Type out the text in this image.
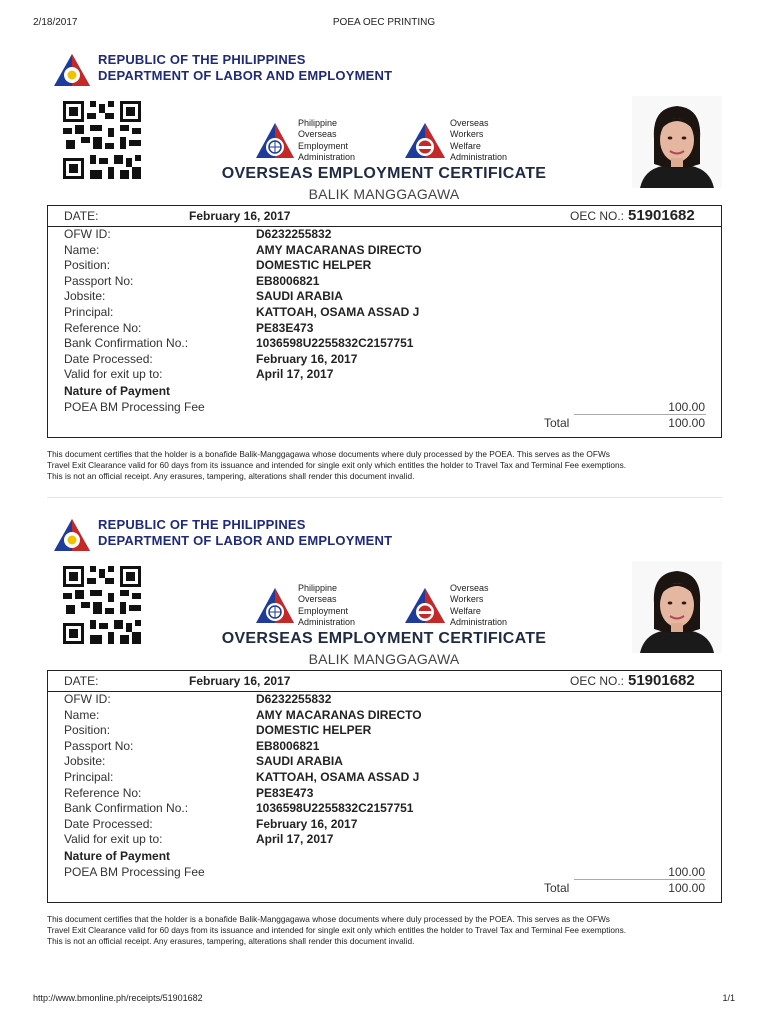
2/18/2017	POEA OEC PRINTING
REPUBLIC OF THE PHILIPPINES
DEPARTMENT OF LABOR AND EMPLOYMENT
Philippine
Overseas
Employment
Administration
Overseas
Workers
Welfare
Administration
OVERSEAS EMPLOYMENT CERTIFICATE
BALIK MANGGAGAWA
DATE:	February 16, 2017	OEC NO.: 51901682
OFW ID:	D6232255832
Name:	AMY MACARANAS DIRECTO
Position:	DOMESTIC HELPER
Passport No:	EB8006821
Jobsite:	SAUDI ARABIA
Principal:	KATTOAH, OSAMA ASSAD J
Reference No:	PE83E473
Bank Confirmation No.:	1036598U2255832C2157751
Date Processed:	February 16, 2017
Valid for exit up to:	April 17, 2017
Nature of Payment
POEA BM Processing Fee	100.00
Total	100.00
This document certifies that the holder is a bonafide Balik-Manggagawa whose documents where duly processed by the POEA. This serves as the OFWs
Travel Exit Clearance valid for 60 days from its issuance and intended for single exit only which entitles the holder to Travel Tax and Terminal Fee exemptions.
This is not an official receipt. Any erasures, tampering, alterations shall render this document invalid.
REPUBLIC OF THE PHILIPPINES
DEPARTMENT OF LABOR AND EMPLOYMENT
Philippine
Overseas
Employment
Administration
Overseas
Workers
Welfare
Administration
OVERSEAS EMPLOYMENT CERTIFICATE
BALIK MANGGAGAWA
DATE:	February 16, 2017	OEC NO.: 51901682
OFW ID:	D6232255832
Name:	AMY MACARANAS DIRECTO
Position:	DOMESTIC HELPER
Passport No:	EB8006821
Jobsite:	SAUDI ARABIA
Principal:	KATTOAH, OSAMA ASSAD J
Reference No:	PE83E473
Bank Confirmation No.:	1036598U2255832C2157751
Date Processed:	February 16, 2017
Valid for exit up to:	April 17, 2017
Nature of Payment
POEA BM Processing Fee	100.00
Total	100.00
This document certifies that the holder is a bonafide Balik-Manggagawa whose documents where duly processed by the POEA. This serves as the OFWs
Travel Exit Clearance valid for 60 days from its issuance and intended for single exit only which entitles the holder to Travel Tax and Terminal Fee exemptions.
This is not an official receipt. Any erasures, tampering, alterations shall render this document invalid.
http://www.bmonline.ph/receipts/51901682	1/1
